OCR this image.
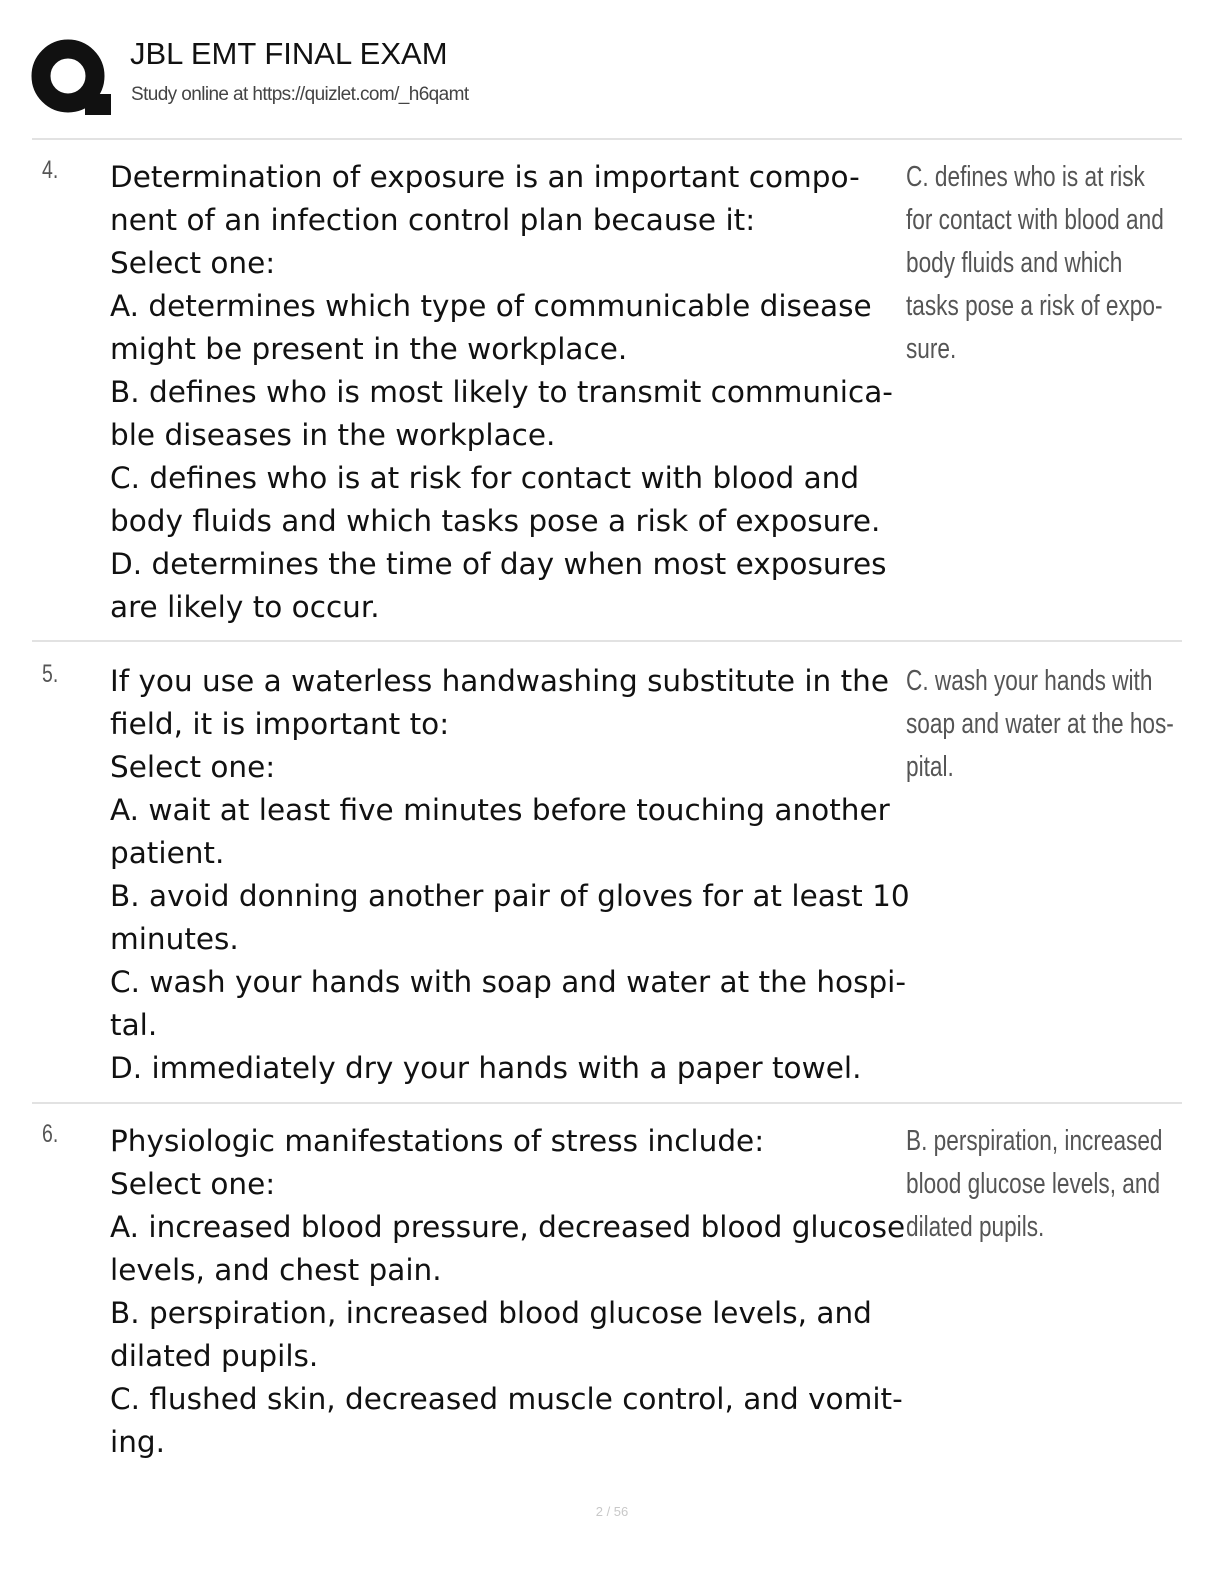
JBL EMT FINAL EXAM
Study online at https://quizlet.com/_h6qamt
4. Determination of exposure is an important compo-
nent of an infection control plan because it:
Select one:
A. determines which type of communicable disease
might be present in the workplace.
B. defines who is most likely to transmit communica-
ble diseases in the workplace.
C. defines who is at risk for contact with blood and
body fluids and which tasks pose a risk of exposure.
D. determines the time of day when most exposures
are likely to occur.
C. defines who is at risk
for contact with blood and
body fluids and which
tasks pose a risk of expo-
sure.
5. If you use a waterless handwashing substitute in the
field, it is important to:
Select one:
A. wait at least five minutes before touching another
patient.
B. avoid donning another pair of gloves for at least 10
minutes.
C. wash your hands with soap and water at the hospi-
tal.
D. immediately dry your hands with a paper towel.
C. wash your hands with
soap and water at the hos-
pital.
6. Physiologic manifestations of stress include:
Select one:
A. increased blood pressure, decreased blood glucose
levels, and chest pain.
B. perspiration, increased blood glucose levels, and
dilated pupils.
C. flushed skin, decreased muscle control, and vomit-
ing.
B. perspiration, increased
blood glucose levels, and
dilated pupils.
2 / 56
